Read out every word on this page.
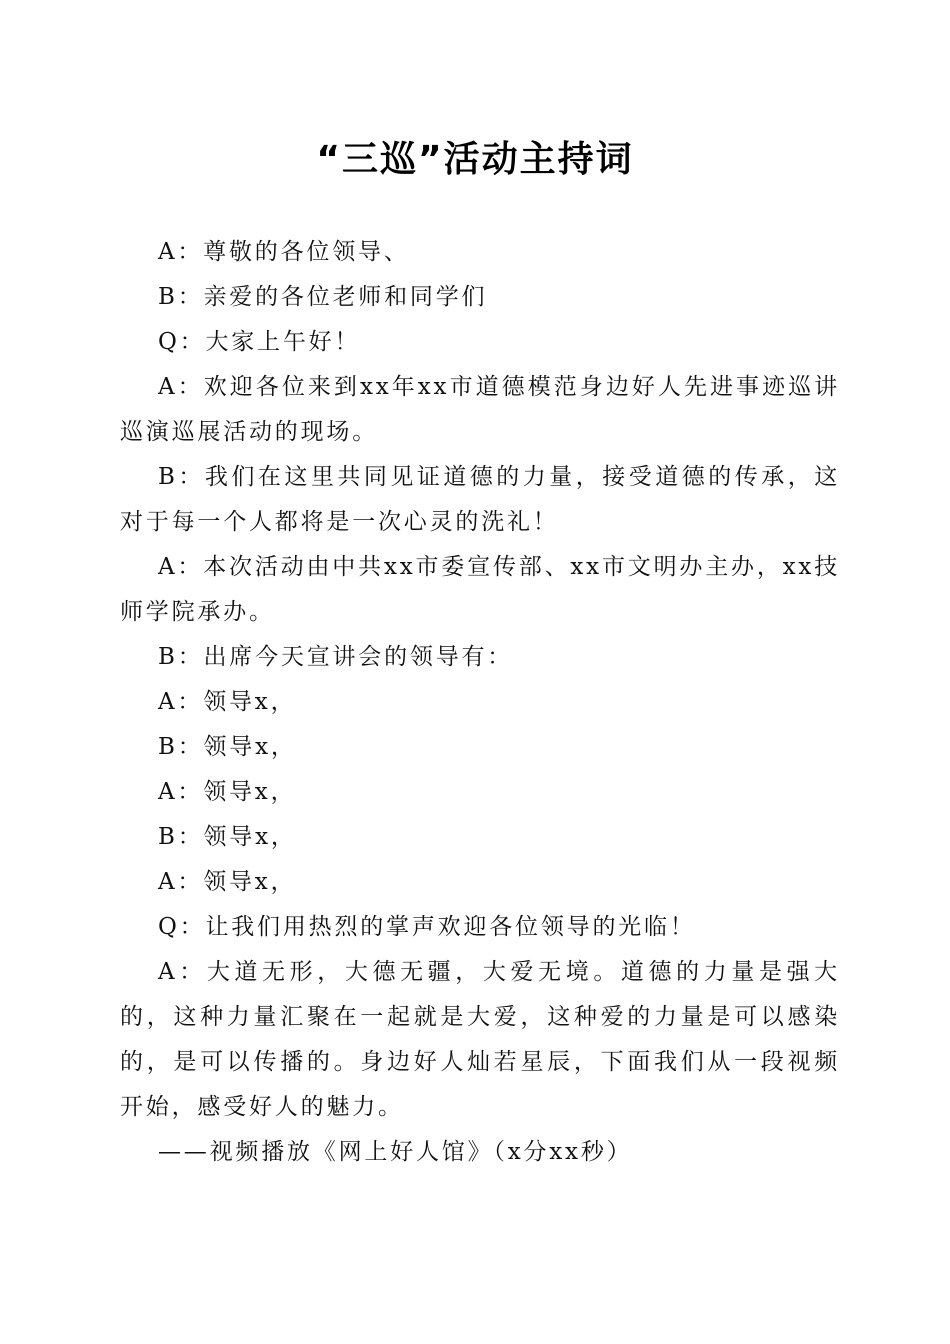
“三巡”活动主持词

A：尊敬的各位领导、

B：亲爱的各位老师和同学们

Q：大家上午好！

A：欢迎各位来到xx年xx市道德模范身边好人先进事迹巡讲巡演巡展活动的现场。

B：我们在这里共同见证道德的力量，接受道德的传承，这对于每一个人都将是一次心灵的洗礼！

A：本次活动由中共xx市委宣传部、xx市文明办主办，xx技师学院承办。

B：出席今天宣讲会的领导有：

A：领导x，

B：领导x，

A：领导x，

B：领导x，

A：领导x，

Q：让我们用热烈的掌声欢迎各位领导的光临！

A：大道无形，大德无疆，大爱无境。道德的力量是强大的，这种力量汇聚在一起就是大爱，这种爱的力量是可以感染的，是可以传播的。身边好人灿若星辰，下面我们从一段视频开始，感受好人的魅力。

——视频播放《网上好人馆》（x分xx秒）
